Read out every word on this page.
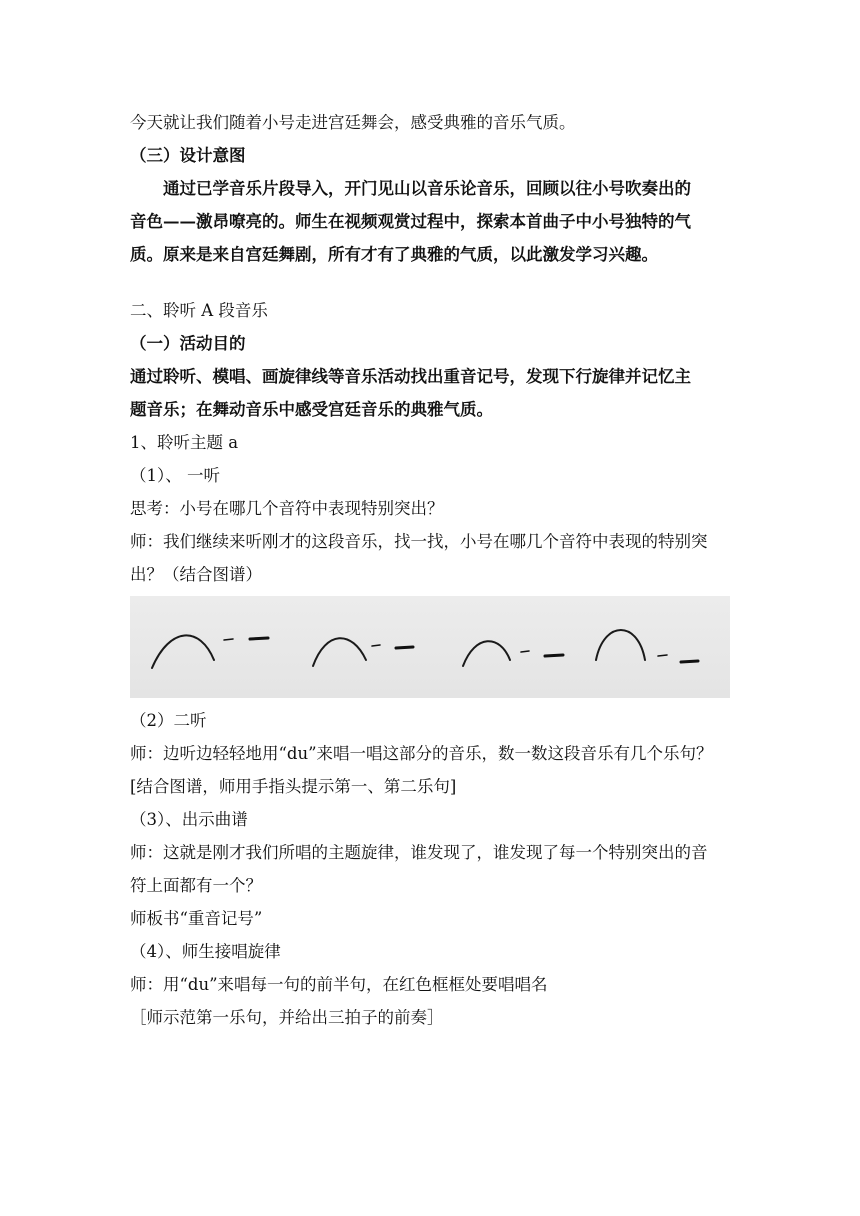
今天就让我们随着小号走进宫廷舞会，感受典雅的音乐气质。
（三）设计意图
通过已学音乐片段导入，开门见山以音乐论音乐，回顾以往小号吹奏出的
音色——激昂嘹亮的。师生在视频观赏过程中，探索本首曲子中小号独特的气
质。原来是来自宫廷舞剧，所有才有了典雅的气质，以此激发学习兴趣。
二、聆听 A 段音乐
（一）活动目的
通过聆听、模唱、画旋律线等音乐活动找出重音记号，发现下行旋律并记忆主
题音乐；在舞动音乐中感受宫廷音乐的典雅气质。
1、聆听主题 a
（1）、 一听
思考：小号在哪几个音符中表现特别突出？
师：我们继续来听刚才的这段音乐，找一找，小号在哪几个音符中表现的特别突
出？（结合图谱）
（2）二听
师：边听边轻轻地用“du”来唱一唱这部分的音乐，数一数这段音乐有几个乐句？
[结合图谱，师用手指头提示第一、第二乐句]
（3）、出示曲谱
师：这就是刚才我们所唱的主题旋律，谁发现了，谁发现了每一个特别突出的音
符上面都有一个？
师板书“重音记号”
（4）、师生接唱旋律
师：用“du”来唱每一句的前半句，在红色框框处要唱唱名
［师示范第一乐句，并给出三拍子的前奏］
